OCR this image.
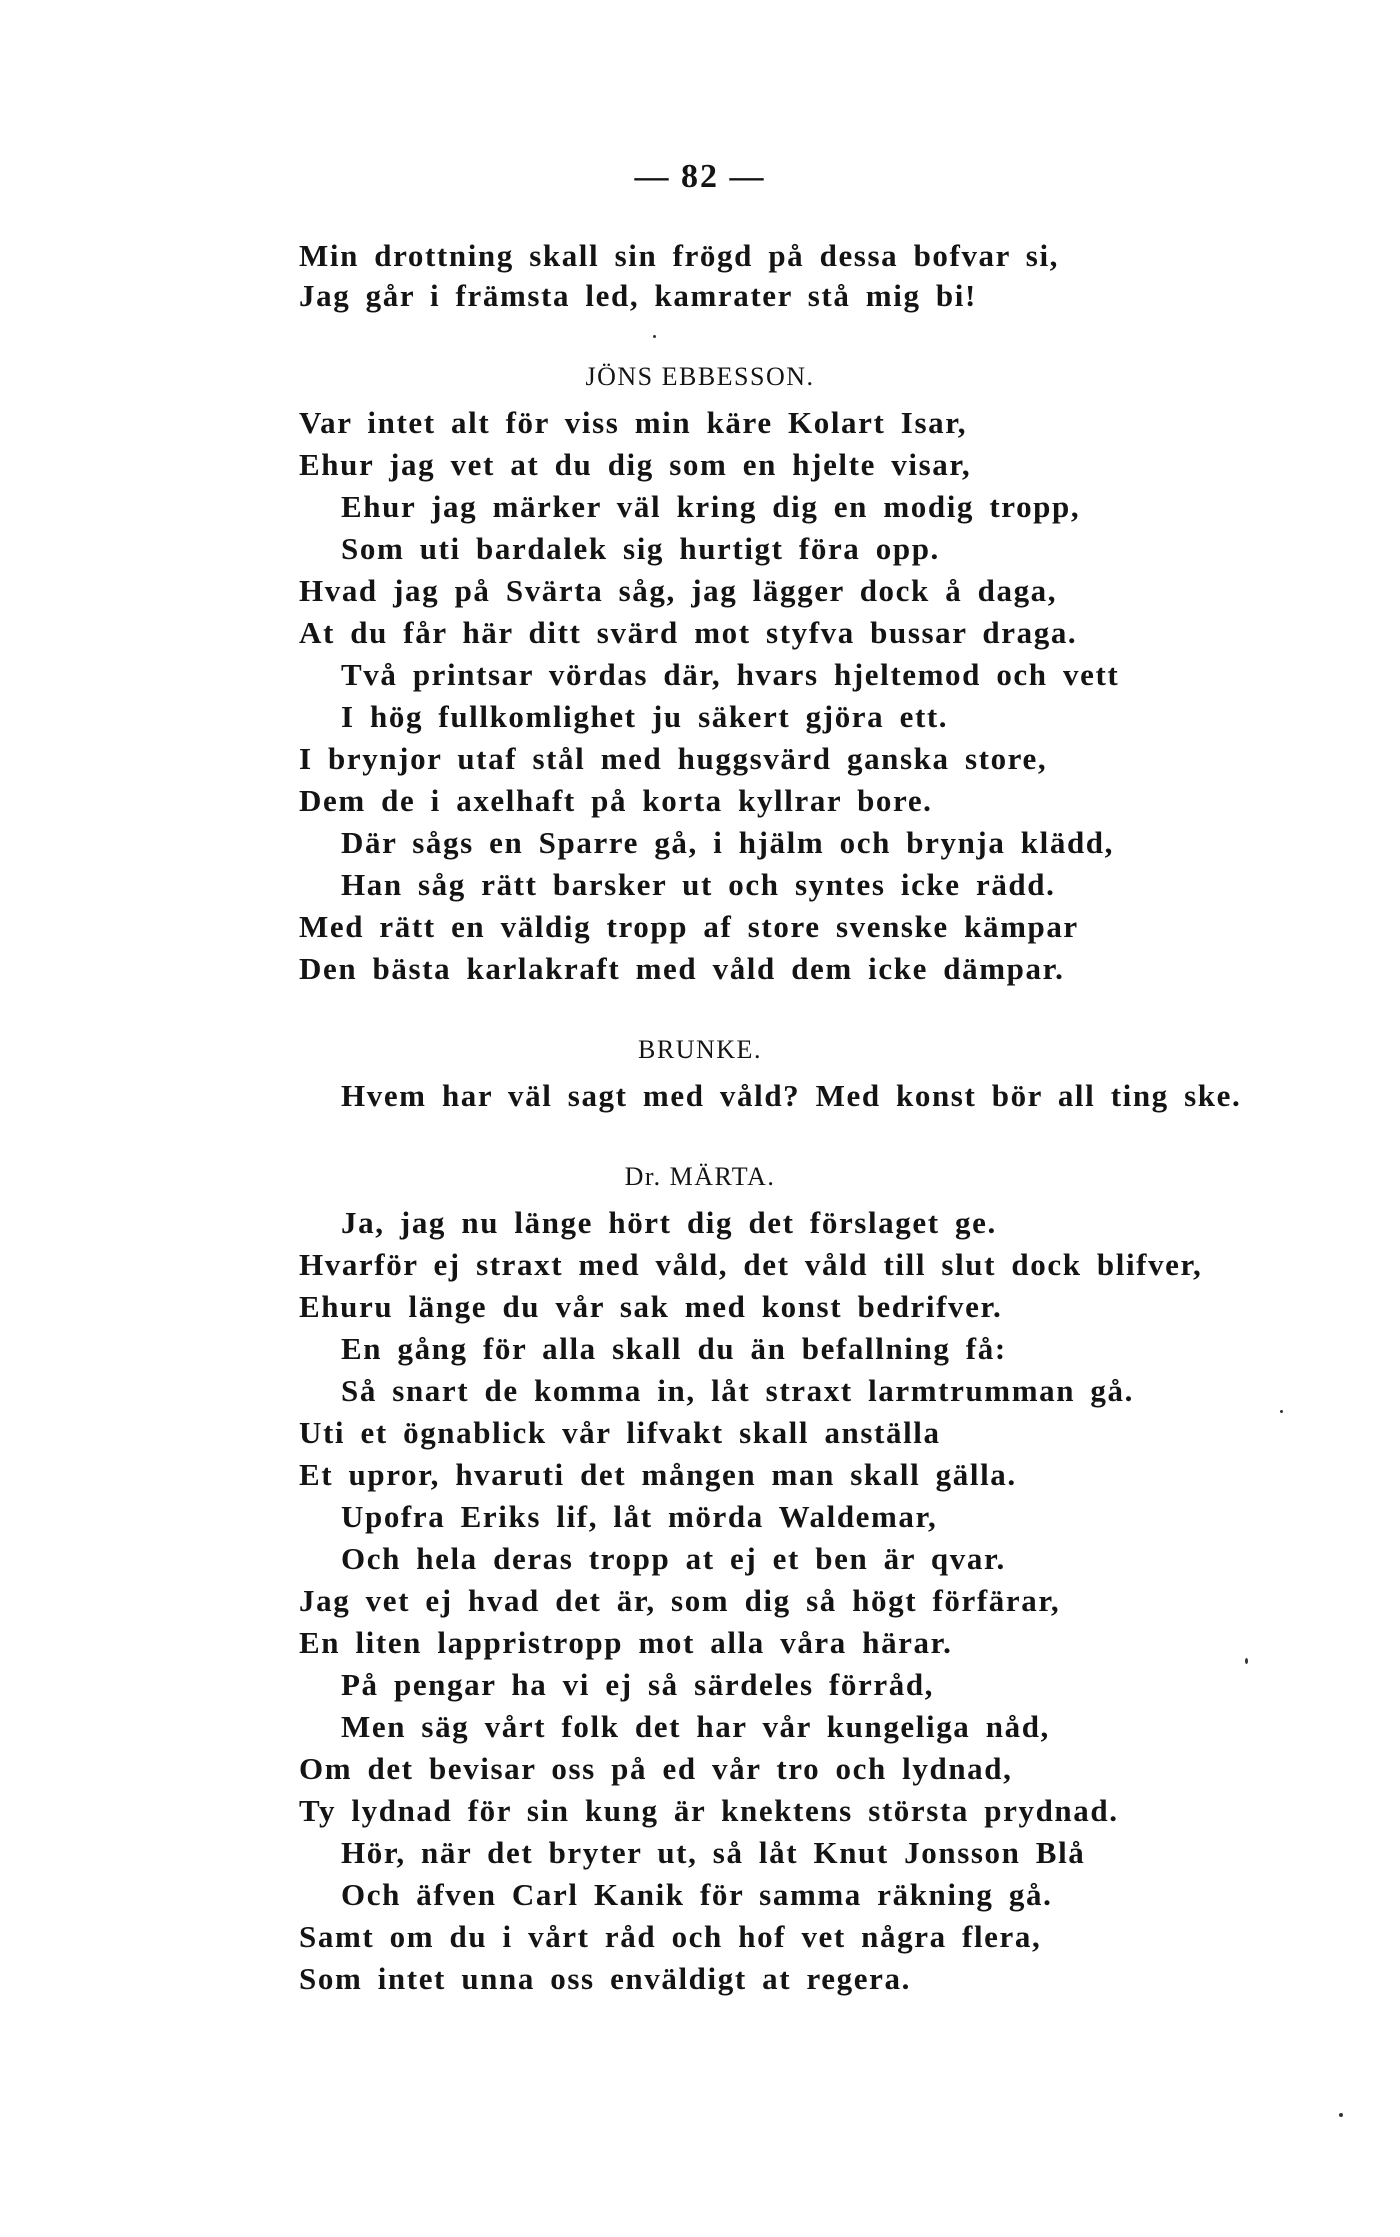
— 82 —
Min drottning skall sin frögd på dessa bofvar si,
Jag går i främsta led, kamrater stå mig bi!
JÖNS EBBESSON.
Var intet alt för viss min käre Kolart Isar,
Ehur jag vet at du dig som en hjelte visar,
Ehur jag märker väl kring dig en modig tropp,
Som uti bardalek sig hurtigt föra opp.
Hvad jag på Svärta såg, jag lägger dock å daga,
At du får här ditt svärd mot styfva bussar draga.
Två printsar vördas där, hvars hjeltemod och vett
I hög fullkomlighet ju säkert gjöra ett.
I brynjor utaf stål med huggsvärd ganska store,
Dem de i axelhaft på korta kyllrar bore.
Där sågs en Sparre gå, i hjälm och brynja klädd,
Han såg rätt barsker ut och syntes icke rädd.
Med rätt en väldig tropp af store svenske kämpar
Den bästa karlakraft med våld dem icke dämpar.
BRUNKE.
Hvem har väl sagt med våld? Med konst bör all ting ske.
Dr. MÄRTA.
Ja, jag nu länge hört dig det förslaget ge.
Hvarför ej straxt med våld, det våld till slut dock blifver,
Ehuru länge du vår sak med konst bedrifver.
En gång för alla skall du än befallning få:
Så snart de komma in, låt straxt larmtrumman gå.
Uti et ögnablick vår lifvakt skall anställa
Et upror, hvaruti det mången man skall gälla.
Upofra Eriks lif, låt mörda Waldemar,
Och hela deras tropp at ej et ben är qvar.
Jag vet ej hvad det är, som dig så högt förfärar,
En liten lappristropp mot alla våra härar.
På pengar ha vi ej så särdeles förråd,
Men säg vårt folk det har vår kungeliga nåd,
Om det bevisar oss på ed vår tro och lydnad,
Ty lydnad för sin kung är knektens största prydnad.
Hör, när det bryter ut, så låt Knut Jonsson Blå
Och äfven Carl Kanik för samma räkning gå.
Samt om du i vårt råd och hof vet några flera,
Som intet unna oss enväldigt at regera.
